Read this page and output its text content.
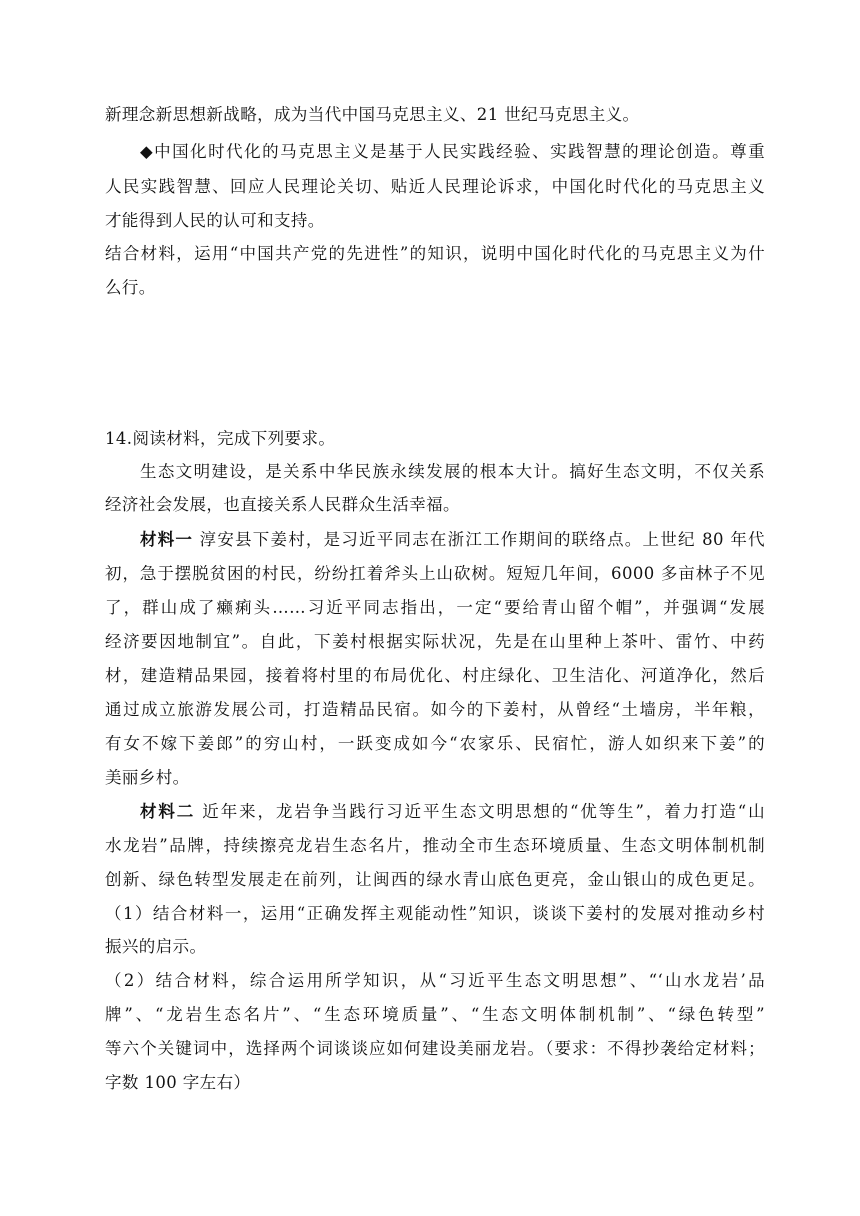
新理念新思想新战略，成为当代中国马克思主义、21 世纪马克思主义。
◆中国化时代化的马克思主义是基于人民实践经验、实践智慧的理论创造。尊重
人民实践智慧、回应人民理论关切、贴近人民理论诉求，中国化时代化的马克思主义
才能得到人民的认可和支持。
结合材料，运用“中国共产党的先进性”的知识，说明中国化时代化的马克思主义为什
么行。
14.阅读材料，完成下列要求。
生态文明建设，是关系中华民族永续发展的根本大计。搞好生态文明，不仅关系
经济社会发展，也直接关系人民群众生活幸福。
材料一 淳安县下姜村，是习近平同志在浙江工作期间的联络点。上世纪 80 年代
初，急于摆脱贫困的村民，纷纷扛着斧头上山砍树。短短几年间，6000 多亩林子不见
了，群山成了癞痢头……习近平同志指出，一定“要给青山留个帽”，并强调“发展
经济要因地制宜”。自此，下姜村根据实际状况，先是在山里种上茶叶、雷竹、中药
材，建造精品果园，接着将村里的布局优化、村庄绿化、卫生洁化、河道净化，然后
通过成立旅游发展公司，打造精品民宿。如今的下姜村，从曾经“土墙房，半年粮，
有女不嫁下姜郎”的穷山村，一跃变成如今“农家乐、民宿忙，游人如织来下姜”的
美丽乡村。
材料二 近年来，龙岩争当践行习近平生态文明思想的“优等生”，着力打造“山
水龙岩”品牌，持续擦亮龙岩生态名片，推动全市生态环境质量、生态文明体制机制
创新、绿色转型发展走在前列，让闽西的绿水青山底色更亮，金山银山的成色更足。
（1）结合材料一，运用“正确发挥主观能动性”知识，谈谈下姜村的发展对推动乡村
振兴的启示。
（2）结合材料，综合运用所学知识，从“习近平生态文明思想”、“‘山水龙岩’品
牌”、“龙岩生态名片”、“生态环境质量”、“生态文明体制机制”、“绿色转型”
等六个关键词中，选择两个词谈谈应如何建设美丽龙岩。（要求：不得抄袭给定材料；
字数 100 字左右）
